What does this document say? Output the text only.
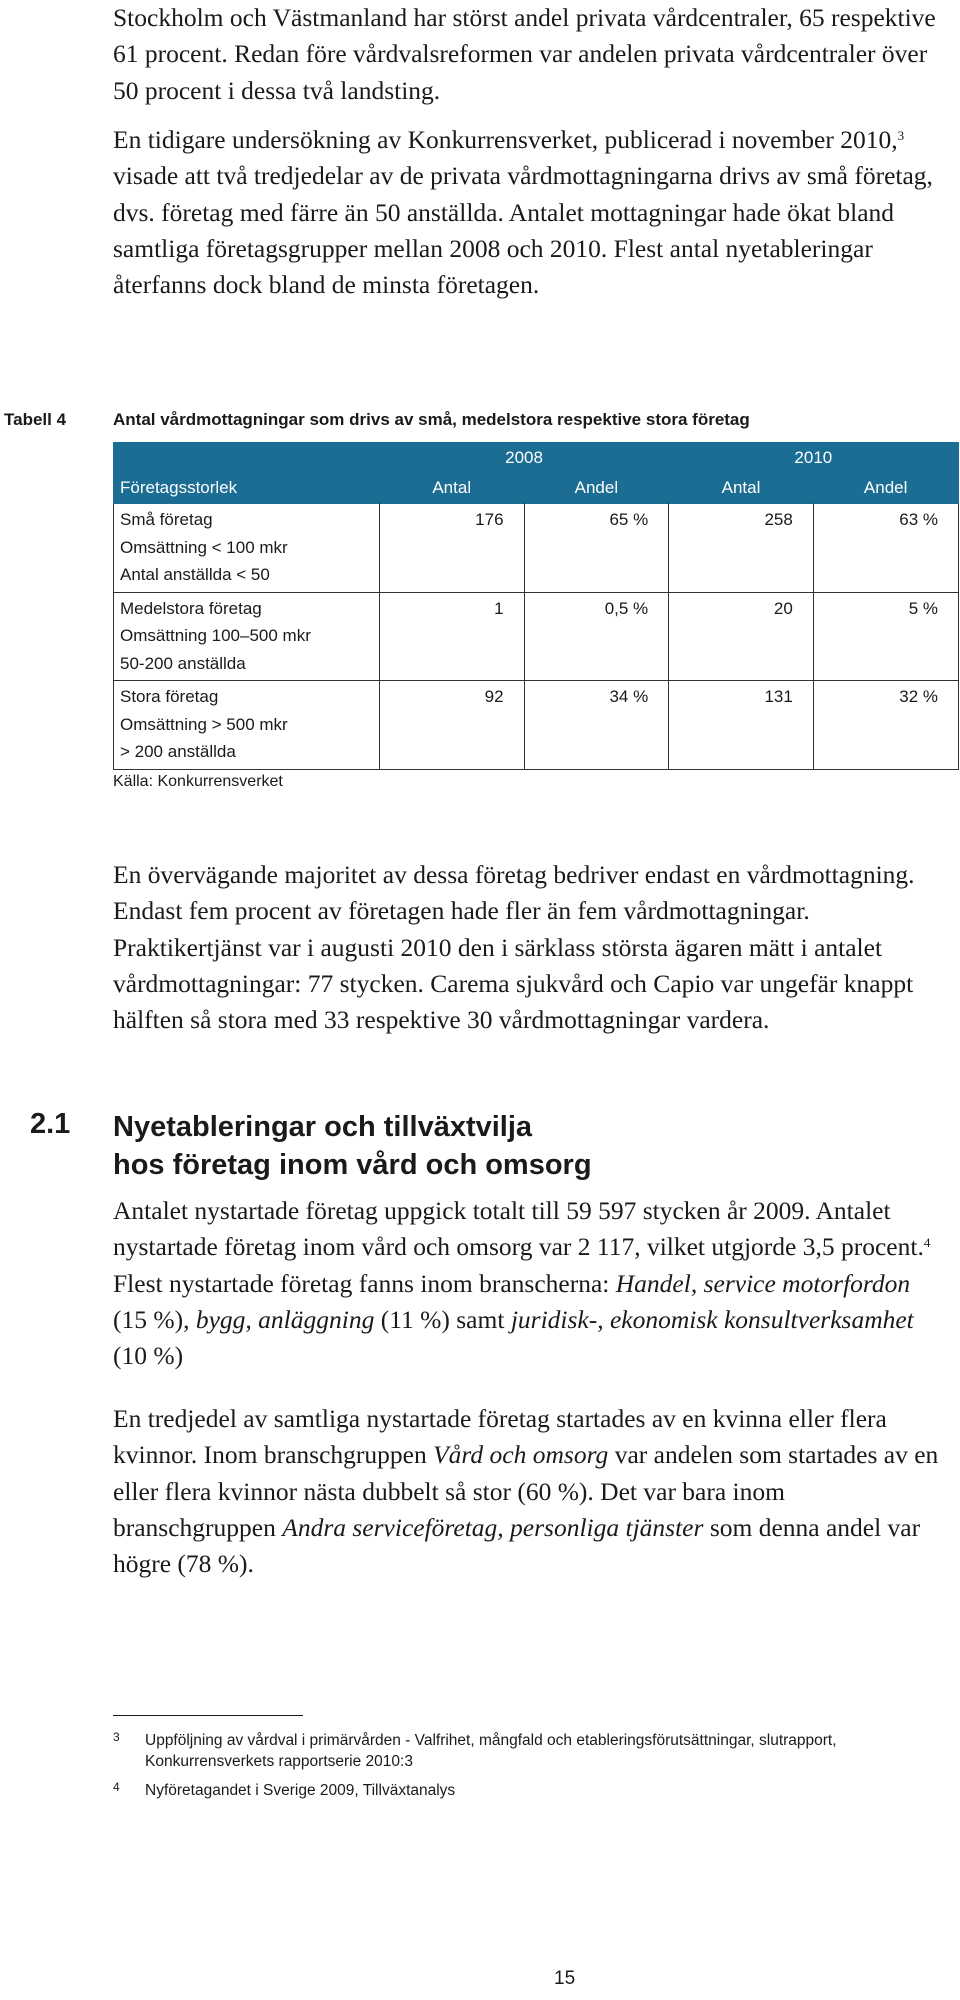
Stockholm och Västmanland har störst andel privata vårdcentraler, 65 respektive 61 procent. Redan före vårdvalsreformen var andelen privata vårdcentraler över 50 procent i dessa två landsting.

En tidigare undersökning av Konkurrensverket, publicerad i november 2010,$^3$ visade att två tredjedelar av de privata vårdmottagningarna drivs av små företag, dvs. företag med färre än 50 anställda. Antalet mottagningar hade ökat bland samtliga företagsgrupper mellan 2008 och 2010. Flest antal nyetableringar återfanns dock bland de minsta företagen.

Tabell 4	Antal vårdmottagningar som drivs av små, medelstora respektive stora företag
	2008		2010	
Företagsstorlek	Antal	Andel	Antal	Andel

Små företag
Omsättning < 100 mkr
Antal anställda < 50	176	65 %	258	63 %

Medelstora företag
Omsättning 100–500 mkr
50-200 anställda	1	0,5 %	20	5 %

Stora företag
Omsättning > 500 mkr
> 200 anställda	92	34 %	131	32 %
Källa: Konkurrensverket

En övervägande majoritet av dessa företag bedriver endast en vårdmottagning. Endast fem procent av företagen hade fler än fem vårdmottagningar. Praktikertjänst var i augusti 2010 den i särklass största ägaren mätt i antalet vårdmottagningar: 77 stycken. Carema sjukvård och Capio var ungefär knappt hälften så stora med 33 respektive 30 vårdmottagningar vardera.

2.1 Nyetableringar och tillväxtvilja
hos företag inom vård och omsorg

Antalet nystartade företag uppgick totalt till 59 597 stycken år 2009. Antalet nystartade företag inom vård och omsorg var 2 117, vilket utgjorde 3,5 procent.$^4$ Flest nystartade företag fanns inom branscherna: Handel, service motorfordon (15 %), bygg, anläggning (11 %) samt juridisk-, ekonomisk konsultverksamhet (10 %)

En tredjedel av samtliga nystartade företag startades av en kvinna eller flera kvinnor. Inom branschgruppen Vård och omsorg var andelen som startades av en eller flera kvinnor nästa dubbelt så stor (60 %). Det var bara inom branschgruppen Andra serviceföretag, personliga tjänster som denna andel var högre (78 %).

3 Uppföljning av vårdval i primärvården - Valfrihet, mångfald och etableringsförutsättningar, slutrapport, Konkurrensverkets rapportserie 2010:3
4 Nyföretagandet i Sverige 2009, Tillväxtanalys
15
